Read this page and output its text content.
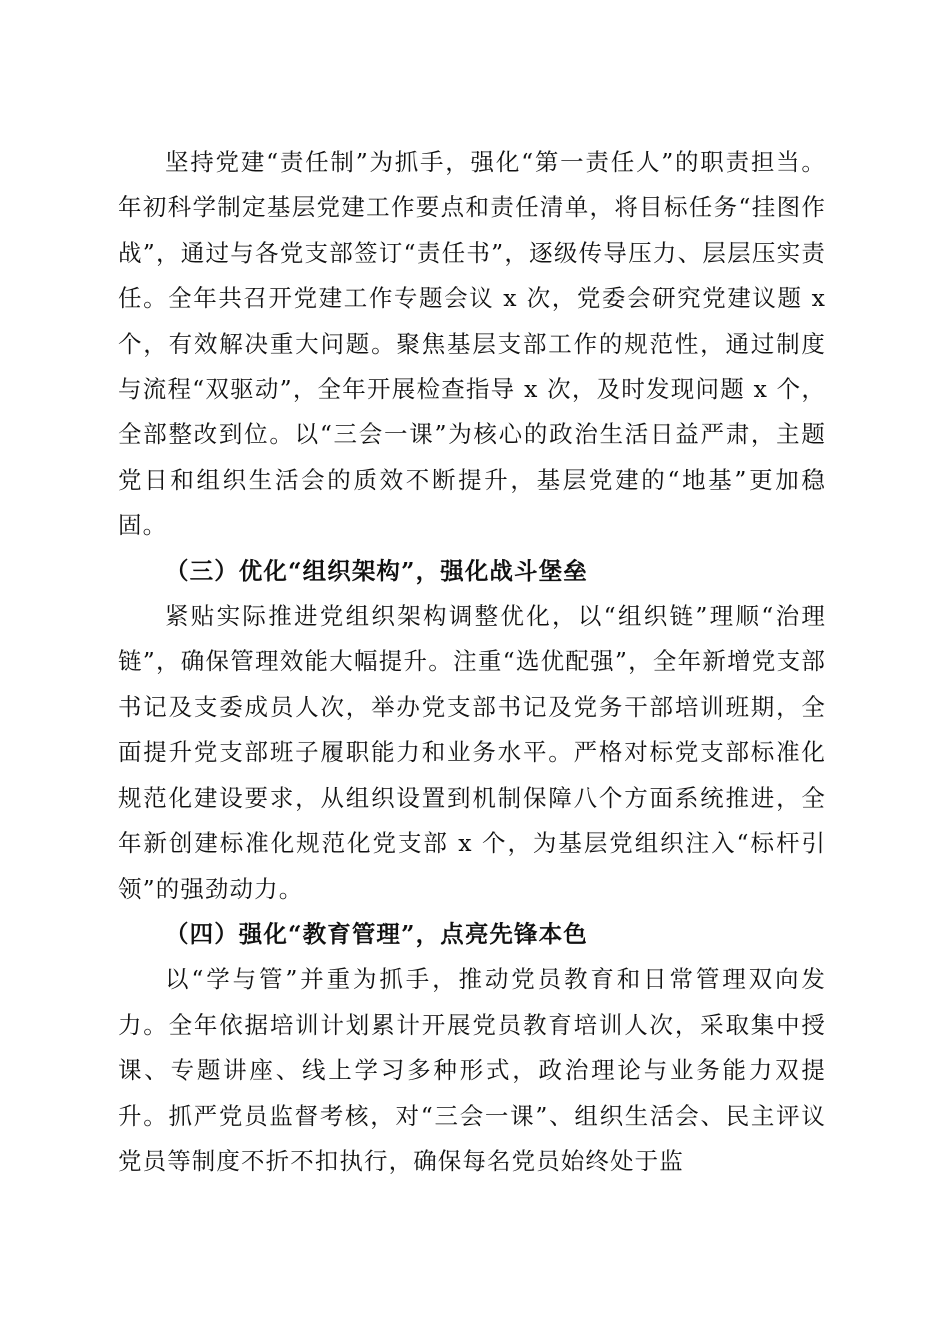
坚持党建“责任制”为抓手，强化“第一责任人”的职责担当。年初科学制定基层党建工作要点和责任清单，将目标任务“挂图作战”，通过与各党支部签订“责任书”，逐级传导压力、层层压实责任。全年共召开党建工作专题会议 x 次，党委会研究党建议题 x 个，有效解决重大问题。聚焦基层支部工作的规范性，通过制度与流程“双驱动”，全年开展检查指导 x 次，及时发现问题 x 个，全部整改到位。以“三会一课”为核心的政治生活日益严肃，主题党日和组织生活会的质效不断提升，基层党建的“地基”更加稳固。

（三）优化“组织架构”，强化战斗堡垒

紧贴实际推进党组织架构调整优化，以“组织链”理顺“治理链”，确保管理效能大幅提升。注重“选优配强”，全年新增党支部书记及支委成员人次，举办党支部书记及党务干部培训班期，全面提升党支部班子履职能力和业务水平。严格对标党支部标准化规范化建设要求，从组织设置到机制保障八个方面系统推进，全年新创建标准化规范化党支部 x 个，为基层党组织注入“标杆引领”的强劲动力。

（四）强化“教育管理”，点亮先锋本色

以“学与管”并重为抓手，推动党员教育和日常管理双向发力。全年依据培训计划累计开展党员教育培训人次，采取集中授课、专题讲座、线上学习多种形式，政治理论与业务能力双提升。抓严党员监督考核，对“三会一课”、组织生活会、民主评议党员等制度不折不扣执行，确保每名党员始终处于监
